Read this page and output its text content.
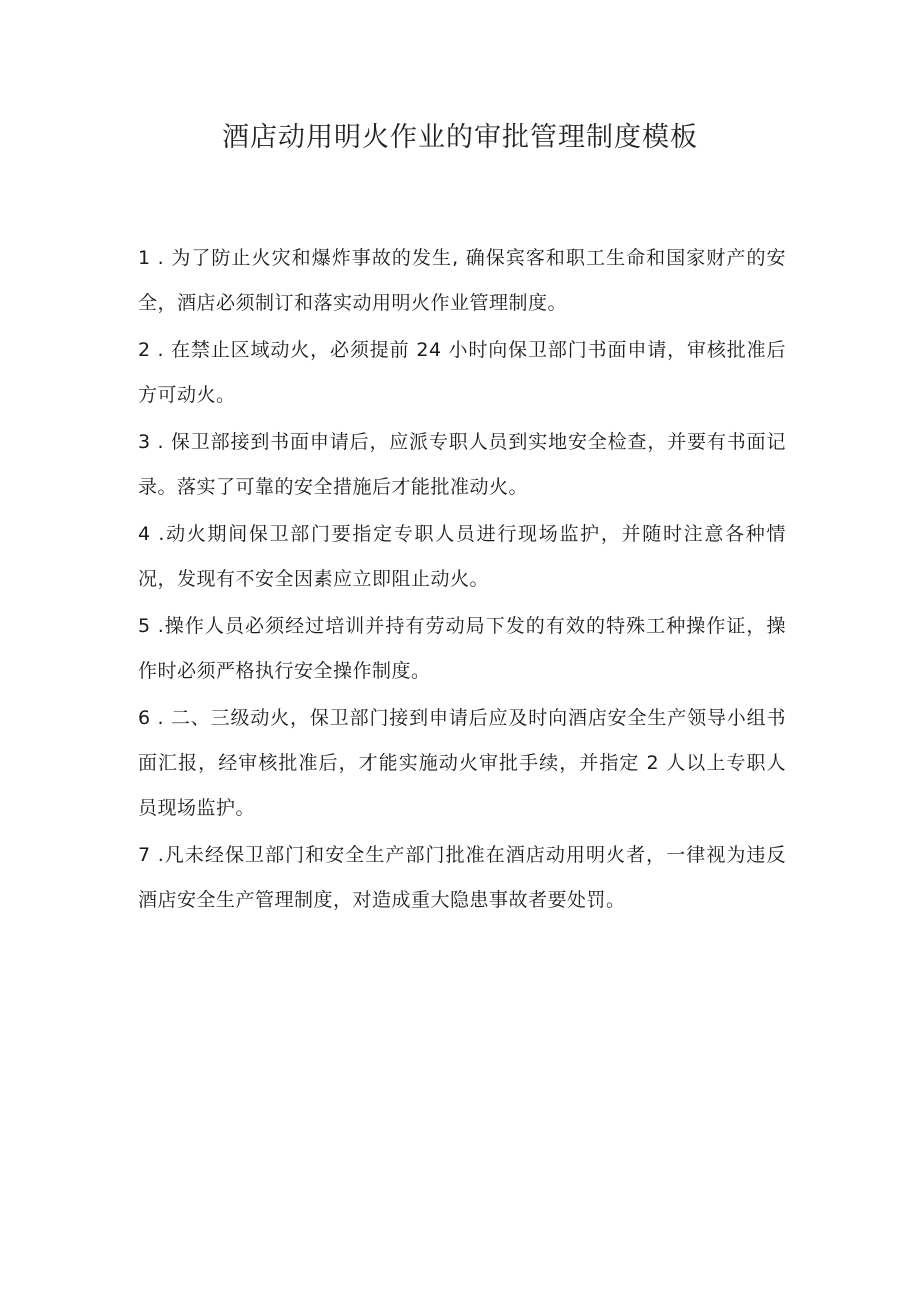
酒店动用明火作业的审批管理制度模板

1 . 为了防止火灾和爆炸事故的发生, 确保宾客和职工生命和国家财产的安全，酒店必须制订和落实动用明火作业管理制度。

2 . 在禁止区域动火，必须提前 24 小时向保卫部门书面申请，审核批准后方可动火。

3 . 保卫部接到书面申请后，应派专职人员到实地安全检查，并要有书面记录。落实了可靠的安全措施后才能批准动火。

4 .动火期间保卫部门要指定专职人员进行现场监护，并随时注意各种情况，发现有不安全因素应立即阻止动火。

5 .操作人员必须经过培训并持有劳动局下发的有效的特殊工种操作证，操作时必须严格执行安全操作制度。

6 . 二、三级动火，保卫部门接到申请后应及时向酒店安全生产领导小组书面汇报，经审核批准后，才能实施动火审批手续，并指定 2 人以上专职人员现场监护。

7 .凡未经保卫部门和安全生产部门批准在酒店动用明火者，一律视为违反酒店安全生产管理制度，对造成重大隐患事故者要处罚。
